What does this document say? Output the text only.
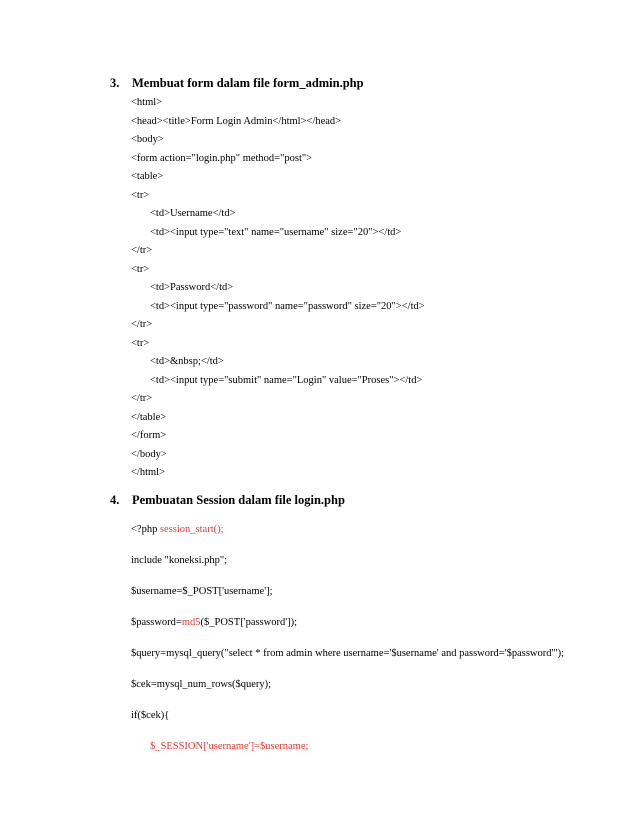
3. Membuat form dalam file form_admin.php
<html>
<head><title>Form Login Admin</html></head>
<body>
<form action="login.php" method="post">
<table>
<tr>
<td>Username</td>
<td><input type="text" name="username" size="20"></td>
</tr>
<tr>
<td>Password</td>
<td><input type="password" name="password" size="20"></td>
</tr>
<tr>
<td>&nbsp;</td>
<td><input type="submit" name="Login" value="Proses"></td>
</tr>
</table>
</form>
</body>
</html>
4. Pembuatan Session dalam file login.php
<?php session_start();
include "koneksi.php";
$username=$_POST['username'];
$password=md5($_POST['password']);
$query=mysql_query("select * from admin where username='$username' and password='$password'");
$cek=mysql_num_rows($query);
if($cek){
$_SESSION['username']=$username;
